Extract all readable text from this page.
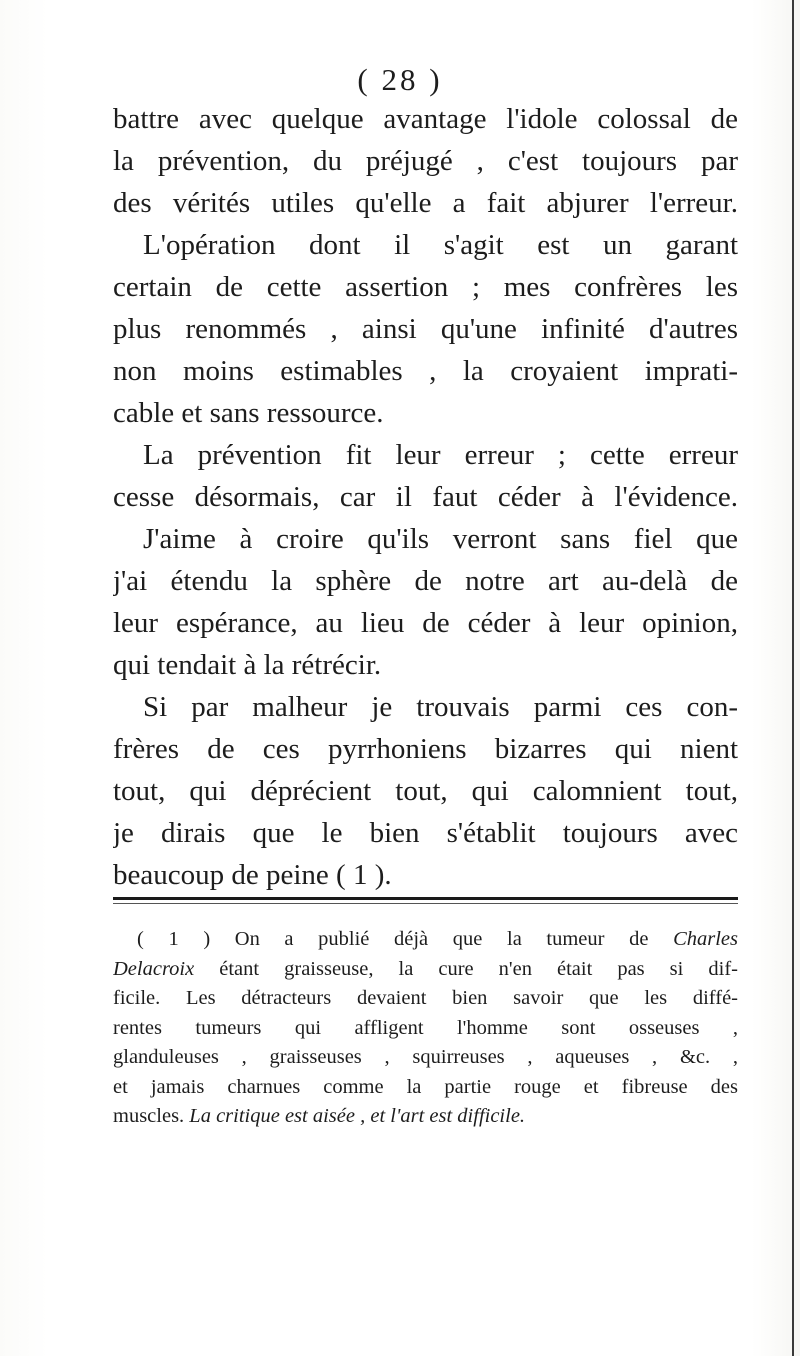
( 28 )
battre avec quelque avantage l'idole colossal de
la prévention, du préjugé , c'est toujours par
des vérités utiles qu'elle a fait abjurer l'erreur.
L'opération dont il s'agit est un garant
certain de cette assertion ; mes confrères les
plus renommés , ainsi qu'une infinité d'autres
non moins estimables , la croyaient imprati-
cable et sans ressource.
La prévention fit leur erreur ; cette erreur
cesse désormais, car il faut céder à l'évidence.
J'aime à croire qu'ils verront sans fiel que
j'ai étendu la sphère de notre art au-delà de
leur espérance, au lieu de céder à leur opinion,
qui tendait à la rétrécir.
Si par malheur je trouvais parmi ces con-
frères de ces pyrrhoniens bizarres qui nient
tout, qui déprécient tout, qui calomnient tout,
je dirais que le bien s'établit toujours avec
beaucoup de peine ( 1 ).
( 1 ) On a publié déjà que la tumeur de Charles
Delacroix étant graisseuse, la cure n'en était pas si dif-
ficile. Les détracteurs devaient bien savoir que les diffé-
rentes tumeurs qui affligent l'homme sont osseuses ,
glanduleuses , graisseuses , squirreuses , aqueuses , &c. ,
et jamais charnues comme la partie rouge et fibreuse des
muscles. La critique est aisée , et l'art est difficile.
